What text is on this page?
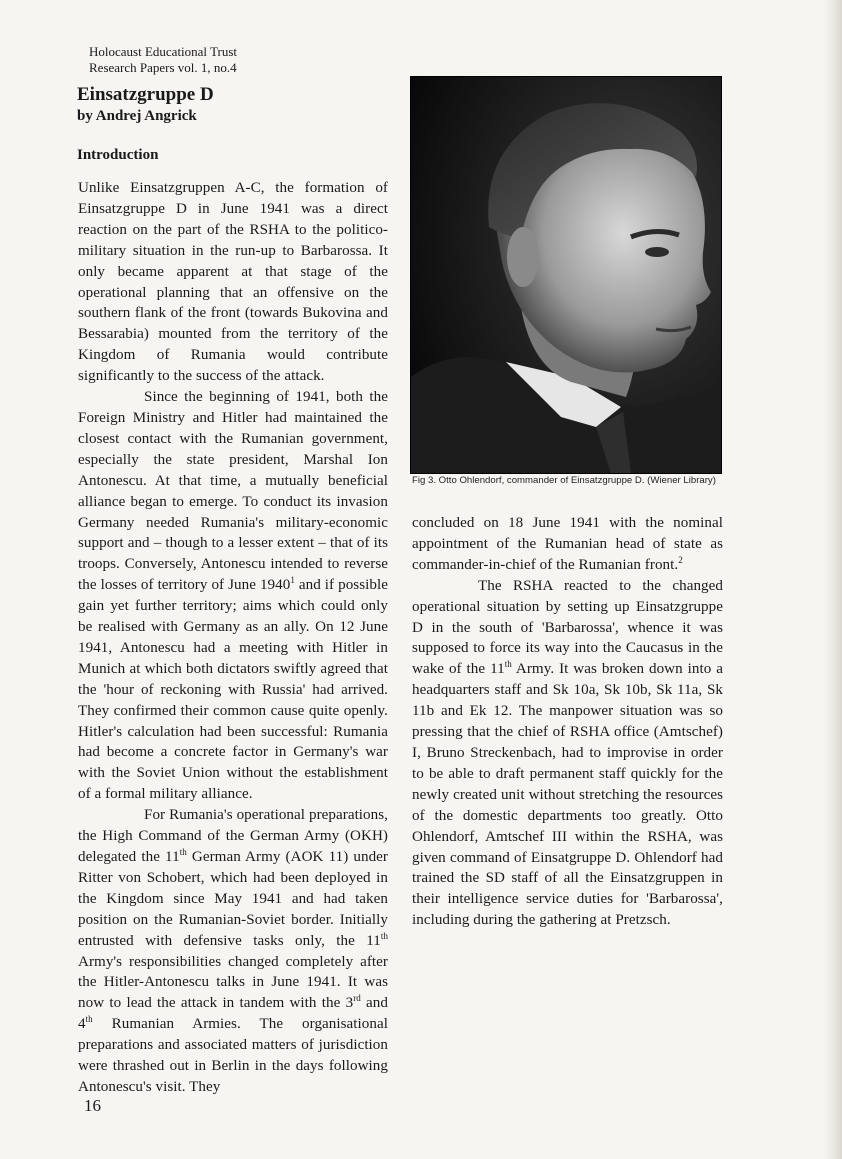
Holocaust Educational Trust
Research Papers vol. 1, no.4
Einsatzgruppe D
by Andrej Angrick
Introduction

Unlike Einsatzgruppen A-C, the formation of Einsatzgruppe D in June 1941 was a direct reaction on the part of the RSHA to the politico-military situation in the run-up to Barbarossa. It only became apparent at that stage of the operational planning that an offensive on the southern flank of the front (towards Bukovina and Bessarabia) mounted from the territory of the Kingdom of Rumania would contribute significantly to the success of the attack.

Since the beginning of 1941, both the Foreign Ministry and Hitler had maintained the closest contact with the Rumanian government, especially the state president, Marshal Ion Antonescu. At that time, a mutually beneficial alliance began to emerge. To conduct its invasion Germany needed Rumania's military-economic support and – though to a lesser extent – that of its troops. Conversely, Antonescu intended to reverse the losses of territory of June 1940$^1$ and if possible gain yet further territory; aims which could only be realised with Germany as an ally. On 12 June 1941, Antonescu had a meeting with Hitler in Munich at which both dictators swiftly agreed that the 'hour of reckoning with Russia' had arrived. They confirmed their common cause quite openly. Hitler's calculation had been successful: Rumania had become a concrete factor in Germany's war with the Soviet Union without the establishment of a formal military alliance.

For Rumania's operational preparations, the High Command of the German Army (OKH) delegated the 11th German Army (AOK 11) under Ritter von Schobert, which had been deployed in the Kingdom since May 1941 and had taken position on the Rumanian-Soviet border. Initially entrusted with defensive tasks only, the 11th Army's responsibilities changed completely after the Hitler-Antonescu talks in June 1941. It was now to lead the attack in tandem with the 3rd and 4th Rumanian Armies. The organisational preparations and associated matters of jurisdiction were thrashed out in Berlin in the days following Antonescu's visit. They

Fig 3. Otto Ohlendorf, commander of Einsatzgruppe D. (Wiener Library)

concluded on 18 June 1941 with the nominal appointment of the Rumanian head of state as commander-in-chief of the Rumanian front.$^2$

The RSHA reacted to the changed operational situation by setting up Einsatzgruppe D in the south of 'Barbarossa', whence it was supposed to force its way into the Caucasus in the wake of the 11th Army. It was broken down into a headquarters staff and Sk 10a, Sk 10b, Sk 11a, Sk 11b and Ek 12. The manpower situation was so pressing that the chief of RSHA office (Amtschef) I, Bruno Streckenbach, had to improvise in order to be able to draft permanent staff quickly for the newly created unit without stretching the resources of the domestic departments too greatly. Otto Ohlendorf, Amtschef III within the RSHA, was given command of Einsatgruppe D. Ohlendorf had trained the SD staff of all the Einsatzgruppen in their intelligence service duties for 'Barbarossa', including during the gathering at Pretzsch.

16
